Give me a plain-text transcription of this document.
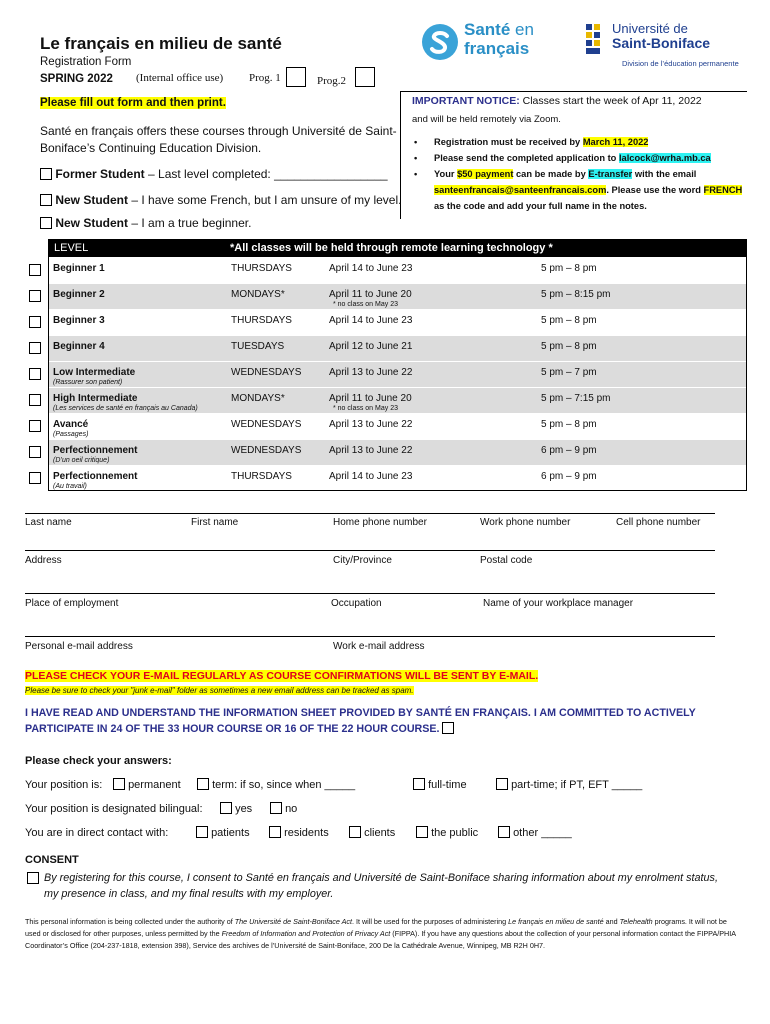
Le français en milieu de santé
Registration Form
SPRING 2022 (Internal office use) Prog. 1	Prog.2
Please fill out form and then print.
Santé en français offers these courses through Université de Saint-Boniface’s Continuing Education Division.
Santé en
français
Université de
Saint-Boniface
Division de l’éducation permanente
IMPORTANT NOTICE: Classes start the week of Apr 11, 2022
and will be held remotely via Zoom.
• Registration must be received by March 11, 2022
• Please send the completed application to lalcock@wrha.mb.ca
• Your $50 payment can be made by E-transfer with the email santeenfrancais@santeenfrancais.com. Please use the word FRENCH as the code and add your full name in the notes.
Former Student – Last level completed: _________________
New Student – I have some French, but I am unsure of my level.
New Student – I am a true beginner.
LEVEL	*All classes will be held through remote learning technology *
Beginner 1	THURSDAYS	April 14 to June 23	5 pm – 8 pm
Beginner 2	MONDAYS*	April 11 to June 20	5 pm – 8:15 pm
* no class on May 23
Beginner 3	THURSDAYS	April 14 to June 23	5 pm – 8 pm
Beginner 4	TUESDAYS	April 12 to June 21	5 pm – 8 pm
Low Intermediate	WEDNESDAYS	April 13 to June 22	5 pm – 7 pm
(Rassurer son patient)
High Intermediate	MONDAYS*	April 11 to June 20	5 pm – 7:15 pm
(Les services de santé en français au Canada)	* no class on May 23
Avancé	WEDNESDAYS	April 13 to June 22	5 pm – 8 pm
(Passages)
Perfectionnement	WEDNESDAYS	April 13 to June 22	6 pm – 9 pm
(D’un oeil critique)
Perfectionnement	THURSDAYS	April 14 to June 23	6 pm – 9 pm
(Au travail)
Last name	First name	Home phone number	Work phone number	Cell phone number
Address	City/Province	Postal code
Place of employment	Occupation	Name of your workplace manager
Personal e-mail address	Work e-mail address
PLEASE CHECK YOUR E-MAIL REGULARLY AS COURSE CONFIRMATIONS WILL BE SENT BY E-MAIL.
Please be sure to check your "junk e-mail" folder as sometimes a new email address can be tracked as spam.
I HAVE READ AND UNDERSTAND THE INFORMATION SHEET PROVIDED BY SANTÉ EN FRANÇAIS. I AM COMMITTED TO ACTIVELY PARTICIPATE IN 24 OF THE 33 HOUR COURSE OR 16 OF THE 22 HOUR COURSE.
Please check your answers:
Your position is:	permanent	term: if so, since when _____	full-time	part-time; if PT, EFT _____
Your position is designated bilingual:	yes	no
You are in direct contact with:	patients	residents	clients	the public	other _____
CONSENT
By registering for this course, I consent to Santé en français and Université de Saint-Boniface sharing information about my enrolment status, my presence in class, and my final results with my employer.
This personal information is being collected under the authority of The Université de Saint-Boniface Act. It will be used for the purposes of administering Le français en milieu de santé and Telehealth programs. It will not be used or disclosed for other purposes, unless permitted by the Freedom of Information and Protection of Privacy Act (FIPPA). If you have any questions about the collection of your personal information contact the FIPPA/PHIA Coordinator’s Office (204-237-1818, extension 398), Service des archives de l’Université de Saint-Boniface, 200 De la Cathédrale Avenue, Winnipeg, MB R2H 0H7.
